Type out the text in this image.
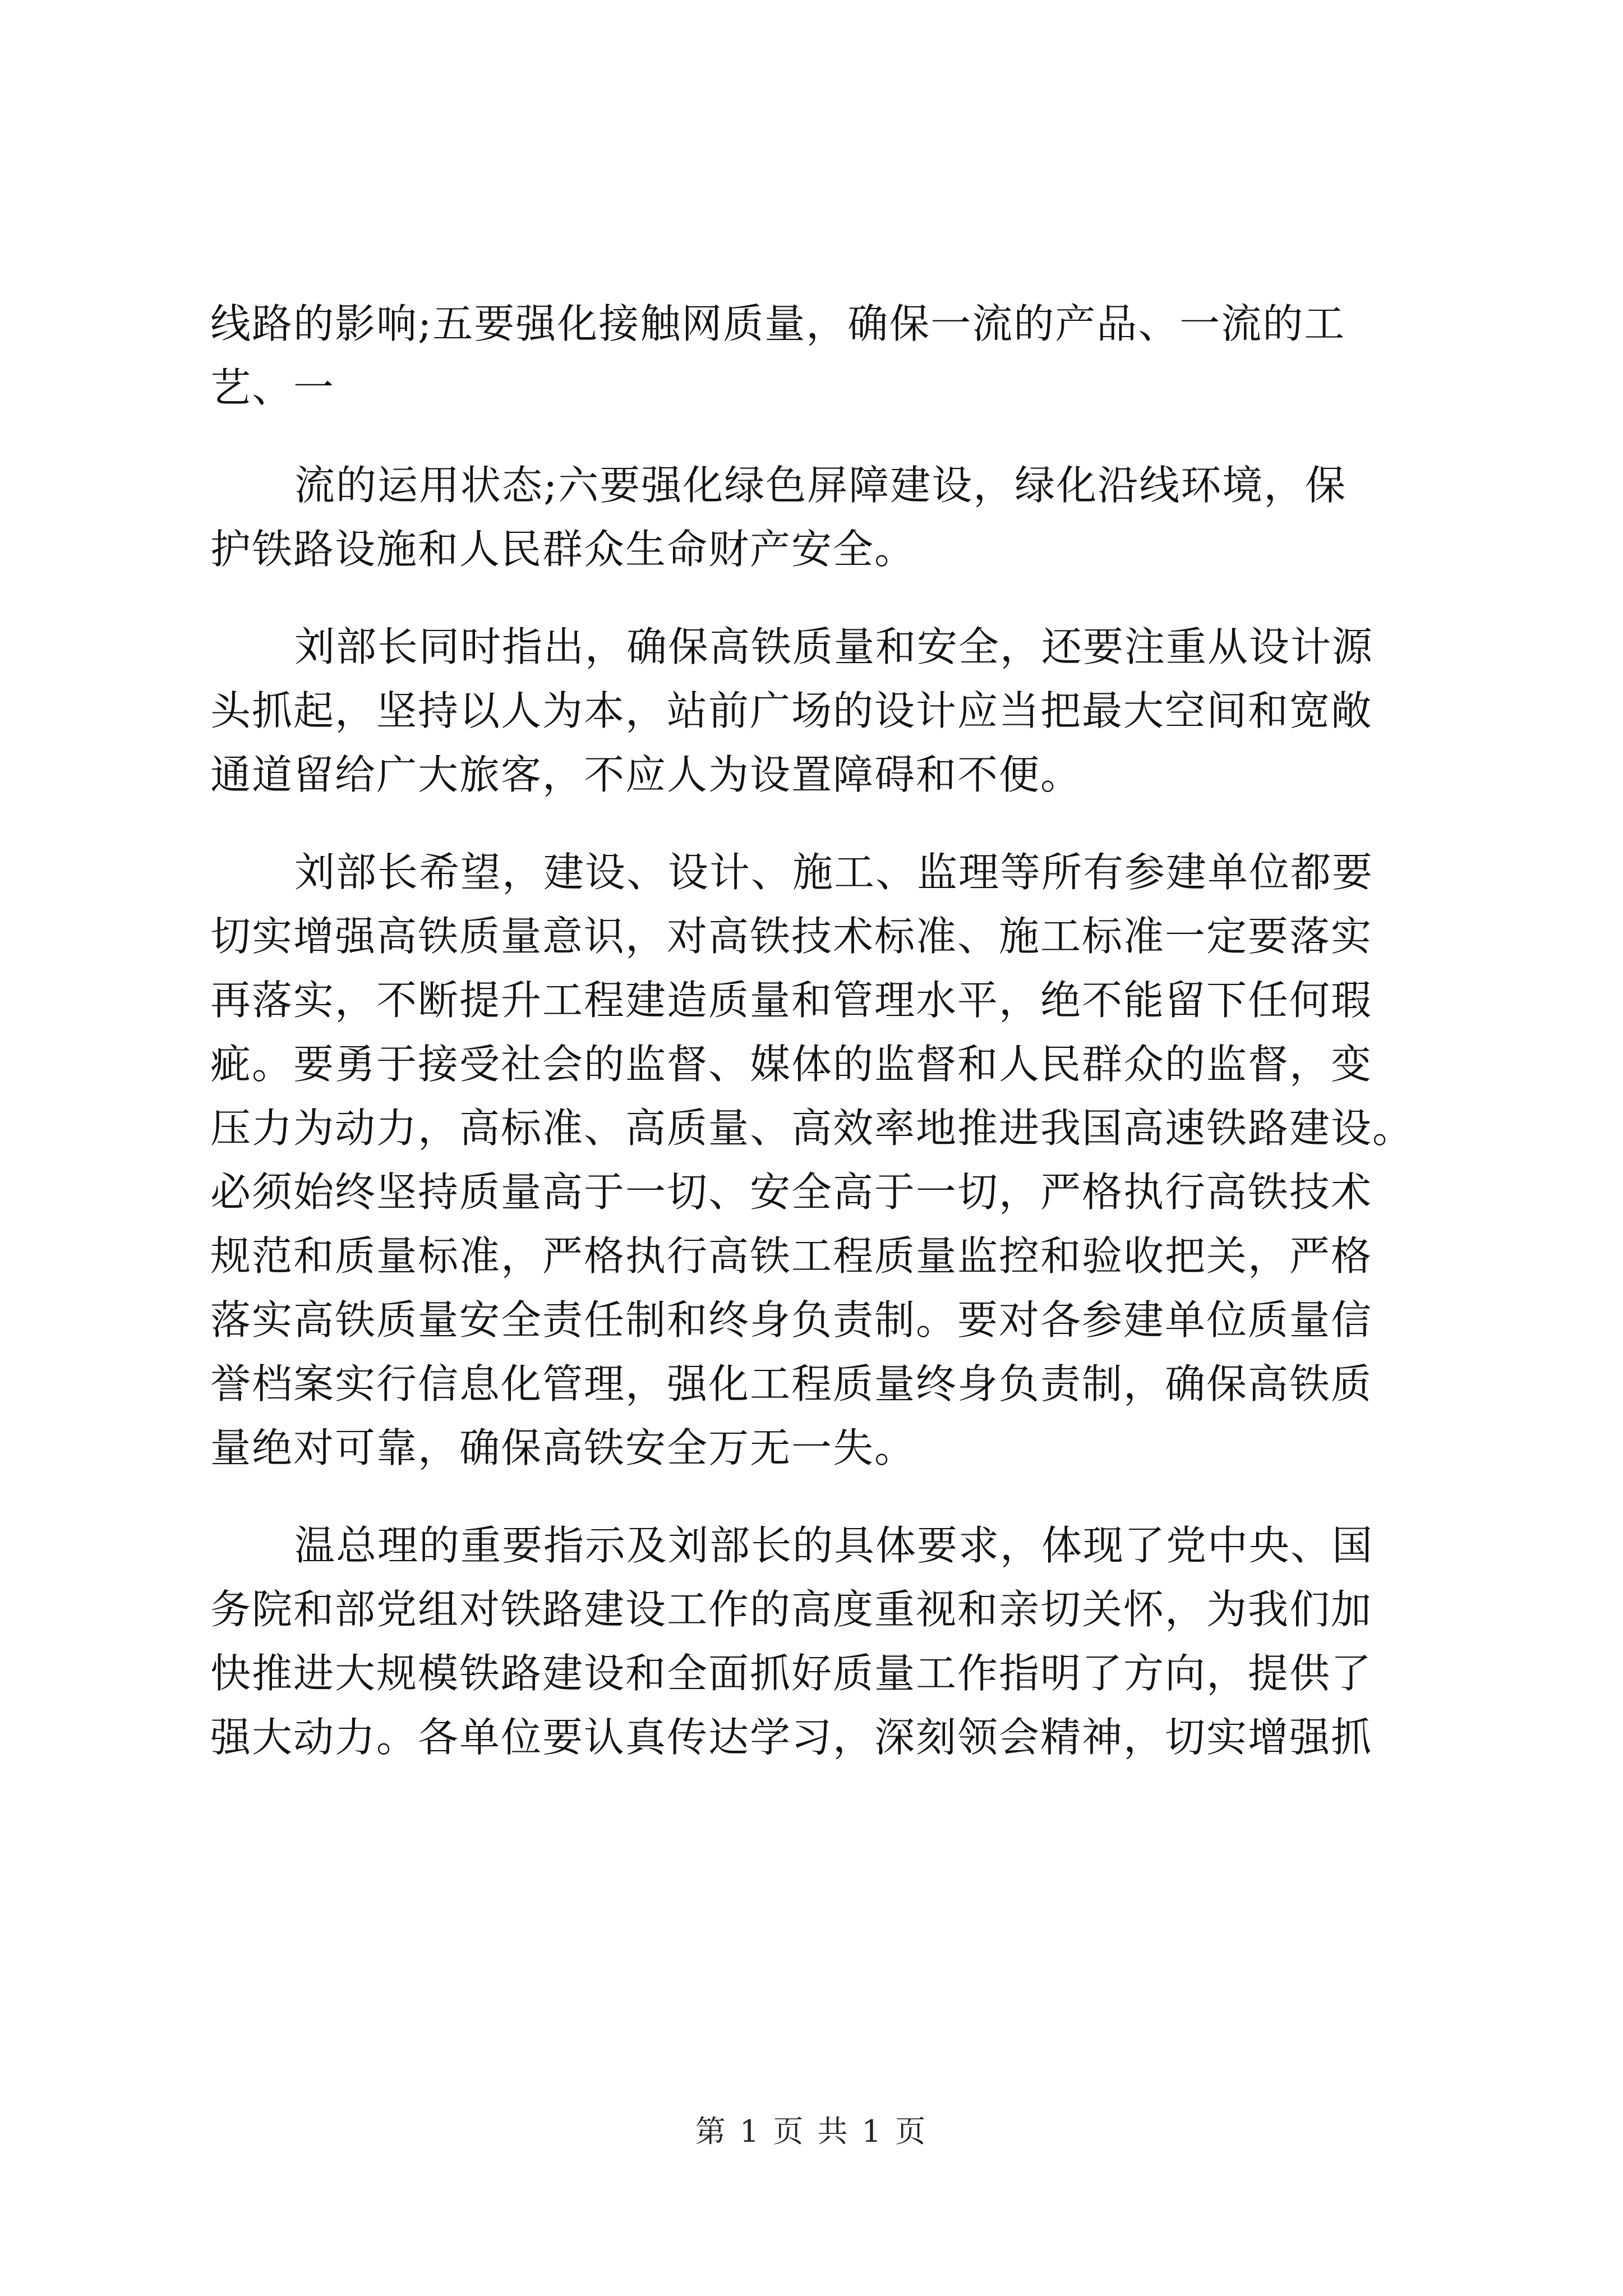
线路的影响;五要强化接触网质量，确保一流的产品、一流的工
艺、一
流的运用状态;六要强化绿色屏障建设，绿化沿线环境，保
护铁路设施和人民群众生命财产安全。
刘部长同时指出，确保高铁质量和安全，还要注重从设计源
头抓起，坚持以人为本，站前广场的设计应当把最大空间和宽敞
通道留给广大旅客，不应人为设置障碍和不便。
刘部长希望，建设、设计、施工、监理等所有参建单位都要
切实增强高铁质量意识，对高铁技术标准、施工标准一定要落实
再落实，不断提升工程建造质量和管理水平，绝不能留下任何瑕
疵。要勇于接受社会的监督、媒体的监督和人民群众的监督，变
压力为动力，高标准、高质量、高效率地推进我国高速铁路建设。
必须始终坚持质量高于一切、安全高于一切，严格执行高铁技术
规范和质量标准，严格执行高铁工程质量监控和验收把关，严格
落实高铁质量安全责任制和终身负责制。要对各参建单位质量信
誉档案实行信息化管理，强化工程质量终身负责制，确保高铁质
量绝对可靠，确保高铁安全万无一失。
温总理的重要指示及刘部长的具体要求，体现了党中央、国
务院和部党组对铁路建设工作的高度重视和亲切关怀，为我们加
快推进大规模铁路建设和全面抓好质量工作指明了方向，提供了
强大动力。各单位要认真传达学习，深刻领会精神，切实增强抓
第 1 页 共 1 页
